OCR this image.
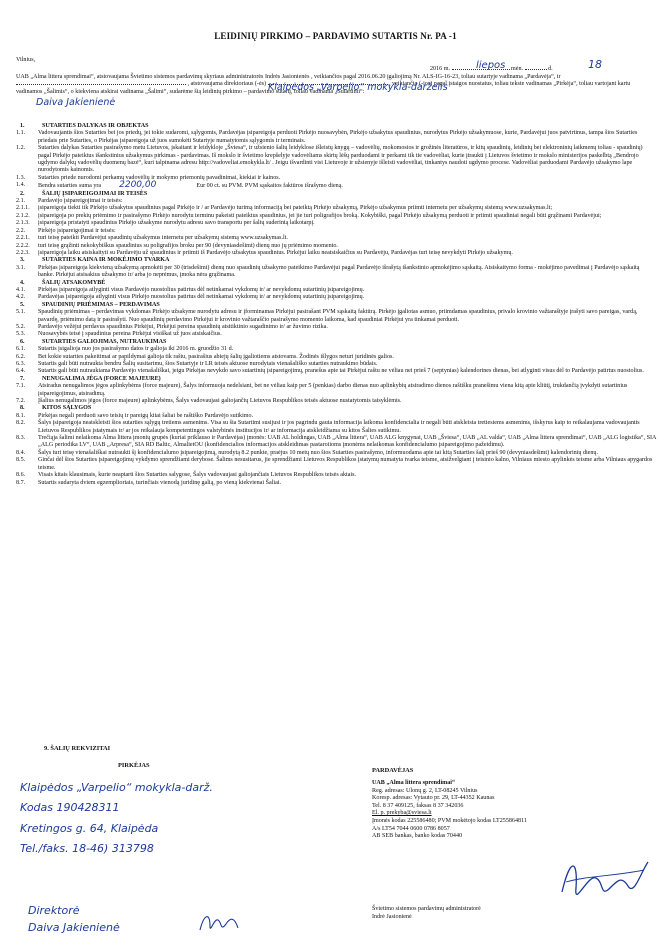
LEIDINIŲ PIRKIMO – PARDAVIMO SUTARTIS Nr. PA -1
Vilnius,
2016 m.	mėn.	d.
liepos	18
UAB „Alma littera sprendimai“, atstovaujama Švietimo sistemos pardavimų skyriaus administratorės Indrės Jasionienės , veikiančios pagal 2016.06.20 įgaliojimą Nr. ALS-IG-16-23, toliau sutartyje vadinama „Pardavėja“, ir  , atstovaujama direktoriaus (-ės)	, veikiančio (-ios) pagal įstaigos nuostatus, toliau tekste vadinamas „Pirkėja“, toliau vartojant kartu vadinamos „Šalimis“, o kiekviena atskirai vadinama „Šalimi“, sudarėme šią leidinių pirkimo – pardavimo sutartį, toliau vadinama „Sutartimi“:
Klaipėdos „Varpelio“ mokykla-darželis
Daiva Jakienienė
1.	SUTARTIES DALYKAS IR OBJEKTAS
1.1.	Vadovaujantis šios Sutarties bei jos priedų, jei tokie sudaromi, sąlygomis, Pardavėjas įsipareigoja perduoti Pirkėjo nuosavybėn, Pirkėjo užsakytus spaudinius, nurodytus Pirkėjo užsakymuose, kurie, Pardavėjui juos patvirtinus, tampa šios Sutarties priedais prie Sutarties, o Pirkėjas įsipareigoja už juos sumokėti Sutartyje numatytomis sąlygomis ir terminais.
1.2.	Sutarties dalykas Sutarties pasirašymo metu Lietuvos, įskaitant ir leidykloje „Šviesa“, ir užsienio šalių leidyklose išleistų knygų – vadovėlių, mokomosios ir grožinės literatūros, ir kitų spaudinių, leidinių bei elektroninių laikmenų toliau - spaudinių) pagal Pirkėjo pateiktus išankstinius užsakymus pirkimas - pardavimas. Iš mokslo ir švietimo krepšelyje vadovėliams skirtų lėšų parduodami ir perkami tik tie vadovėliai, kurie įtraukti į Lietuvos švietimo ir mokslo ministerijos paskelbtą „Bendrojo ugdymo dalykų vadovėlių duomenų bazė“, kuri talpinama adresu http://vadoveliai.emokykla.lt/ . Jeigu išvardinti visi Lietuvoje ir užsienyje išleisti vadovėliai, tinkantys naudoti ugdymo procese. Vadovėliai parduodami Pardavėjo užsakymo lape nurodytomis kainomis.
1.3.	Sutarties priede nurodomi perkamų vadovėlių ir mokymo priemonių pavadinimai, kiekiai ir kainos.
1.4.	Bendra sutarties suma yra 2200,00	Eur 00 ct. su PVM. PVM sąskaitos faktūros išrašymo dieną.
2.	ŠALIŲ ĮSIPAREIGOJIMAI IR TEISĖS
2.1.	Pardavėjo įsipareigojimai ir teisės:
2.1.1.	įsipareigoja tiekti tik Pirkėjo užsakytus spaudinius pagal Pirkėjo ir / ar Pardavėjo turimą informaciją bei pateiktą Pirkėjo užsakymą, Pirkėjo užsakymus priimti internetu per užsakymų sistemą www.uzsakymas.lt;
2.1.2.	įsipareigoja po prekių priėmimo ir pasirašymo Pirkėjo nurodytu terminu pakeisti pateiktus spaudinius, jei jie turi poligrafijos broką. Kokybiški, pagal Pirkėjo užsakymą perduoti ir priimti spaudiniai negali būti grąžinami Pardavėjui;
2.1.3.	įsipareigoja pristatyti spaudinius Pirkėjo užsakyme nurodytu adresu savo transportu per šalių suderintą laikotarpį.
2.2.	Pirkėjo įsipareigojimai ir teisės:
2.2.1.	turi teisę pateikti Pardavėjui spaudinių užsakymus internetu per užsakymų sistemą www.uzsakymas.lt.
2.2.2.	turi teisę grąžinti nekokybiškus spaudinius su poligrafijos broku per 90 (devyniasdešimt) dienų nuo jų priėmimo momento.
2.2.3.	įsipareigoja laiku atsiskaityti su Pardavėju už spaudinius ir priimti iš Pardavėjo užsakytus spaudinius. Pirkėjui laiku neatsiskaičius su Pardavėju, Pardavėjas turi teisę nevykdyti Pirkėjo užsakymų.
3.	SUTARTIES KAINA IR MOKĖJIMO TVARKA
3.1.	Pirkėjas įsipareigoja kiekvieną užsakymą apmokėti per 30 (trisdešimt) dienų nuo spaudinių užsakymo pateikimo Pardavėjui pagal Pardavėjo išrašytą išankstinio apmokėjimo sąskaitą. Atsiskaitymo forma - mokėjimo pavedimai į Pardavėjo sąskaitą banke. Pirkėjui atsisakius užsakymo ir/ arba jo neprėmus, įmoka nėra grąžinama.
4.	ŠALIŲ ATSAKOMYBĖ
4.1.	Pirkėjas įsipareigoja atlyginti visus Pardavėjo nuostolius patirtus dėl netinkamai vykdomų ir/ ar nevykdomų sutartinių įsipareigojimų.
4.2.	Pardavėjas įsipareigoja atlyginti visus Pirkėjo nuostolius patirtus dėl netinkamai vykdomų ir/ ar nevykdomų sutartinių įsipareigojimų.
5.	SPAUDINIŲ PRIĖMIMAS – PERDAVIMAS
5.1.	Spaudinių priėmimas – perdavimas vykdomas Pirkėjo užsakyme nurodytu adresu ir įforminamas Pirkėjui pasirašant PVM sąskaitą faktūrą. Pirkėjo įgaliotas asmuo, priimdamas spaudinius, privalo krovinio važtaraštyje įrašyti savo pareigas, vardą, pavardę, priėmimo datą ir pasirašyti. Nuo spaudinių perdavimo Pirkėjui ir krovinio važtaraščio pasirašymo momento laikoma, kad spaudiniai Pirkėjui yra tinkamai perduoti.
5.2.	Pardavėjo vežėjui perdavus spaudinius Pirkėjui, Pirkėjui pereina spaudinių atsitiktinio sugadinimo ir/ ar žuvimo rizika.
5.3.	Nuosavybės teisė į spaudinius pereina Pirkėjui visiškai už juos atsiskaičius.
6.	SUTARTIES GALIOJIMAS, NUTRAUKIMAS
6.1.	Sutartis įsigalioja nuo jos pasirašymo datos ir galioja iki 2016 m. gruodžio 31 d.
6.2.	Bet kokie sutarties pakeitimai ar papildymai galioja tik raštu, pasirašius abiejų šalių įgaliotiems atstovams. Žodinės išlygos neturi juridinės galios.
6.3.	Sutartis gali būti nutraukta bendru Šalių susitarimu, šios Sutartyje ir LR teisės aktuose nurodytais vienašališko sutarties nutraukimo būdais.
6.4.	Sutartis gali būti nutraukiama Pardavėjo vienašališkai, jeigu Pirkėjas nevykdo savo sutartinių įsipareigojimų, pranešus apie tai Pirkėjui raštu ne vėliau nei prieš 7 (septynias) kalendorines dienas, bei atlyginti visus dėl to Pardavėjo patirtus nuostolius.
7.	NENUGALIMA JĖGA (FORCE MAJEURE)
7.1.	Atsiradus nenugalimos jėgos aplinkybėms (force majeure), Šalys informuoja nedelsiant, bet ne vėliau kaip per 5 (penkias) darbo dienas nuo aplinkybių atsiradimo dienos raštišku pranešimu viena kitą apie kliūtį, trukdančią įvykdyti sutartinius įsipareigojimus, atsiradimą.
7.2.	Įšalius nenugalimos jėgos (force majeure) aplinkybėms, Šalys vadovaujasi galiojančių Lietuvos Respublikos teisės aktuose nustatytomis taisyklėmis.
8.	KITOS SĄLYGOS
8.1.	Pirkėjas negali perduoti savo teisių ir pareigų kitai šaliai be raštiško Pardavėjo sutikimo.
8.2.	Šalys įsipareigoja neatskleisti šios sutarties sąlygų tretiems asmenims. Visa su šia Sutartimi susijusi ir jos pagrindu gauta informacija laikoma konfidencialia ir negali būti atskleista tretiesiems asmenims, išskyrus kaip to reikalaujama vadovaujantis Lietuvos Respublikos įstatymais ir/ ar jos reikalauja kompetentingos valstybinės institucijos ir/ ar informacija atskleidžiama su kitos Šalies sutikimu.
8.3.	Trečiąja šalimi nelaikoma Alma littera įmonių grupės (kuriai priklauso ir Pardavėjas) įmonės: UAB AL holdingas, UAB „Alma littera“, UAB ALG knygynai, UAB „Šviesa“, UAB „AL valda“, UAB „Alma littera sprendimai“, UAB „ALG logistika“, SIA „ALG periodika LV“, UAB „Arpresa“, SIA RD Baltic, AlmalietOU (konfidencialios informacijos atskleidimas pastaroiioms įmonėms nelaikomas konfidencialumo įsipareigojimo pažeidimu).
8.4.	Šalys turi teisę vienašališkai nutraukti šį konfidencialumo įsipareigojimą, nurodytą 8.2 punkte, praėjus 10 metų nuo šios Sutarties pasirašymo, informuodama apie tai kitą Sutarties šalį prieš 90 (devyniasdešimt) kalendorinių dienų.
8.5.	Ginčai dėl šios Sutarties įsipareigojimų vykdymo sprendžiami derybose. Šalims nesusitarus, jie sprendžiami Lietuvos Respublikos įstatymų numatyta tvarka teisme, atsižvelgiant į teisinio kalno, Vilniaus miesto apylinkės teisme arba Vilniaus apygardos teisme.
8.6.	Visais kitais klausimais, kurie neaptarti šios Sutarties salygose, Šalys vadovaujasi galiojančiais Lietuvos Respublikos teisės aktais.
8.7.	Sutartis sudaryta dviem egzemplioriais, turinčiais vienodą juridinę galią, po vieną kiekvienai Šaliai.
9. ŠALIŲ REKVIZITAI
PIRKĖJAS
PARDAVĖJAS
Klaipėdos „Varpelio“ mokykla-darž.
Kodas 190428311
Kretingos g. 64, Klaipėda
Tel./faks. 18-46) 313798
Direktorė
Daiva Jakienienė
UAB „Alma littera sprendimai“
Reg. adresas: Ulonų g. 2, LT-08245 Vilnius
Koresp. adresas: Vytauto pr. 29, LT-44352 Kaunas
Tel. 8 37 409125, faksas 8 37 342036
El. p. prekyba@sviesa.lt
Įmonės kodas 225586480; PVM mokėtojo kodas LT255864811
A/s LT54 7044 0600 0786 8057
AB SEB bankas, banko kodas 70440
Švietimo sistemos pardavimų administratorė
Indrė Jasionienė
